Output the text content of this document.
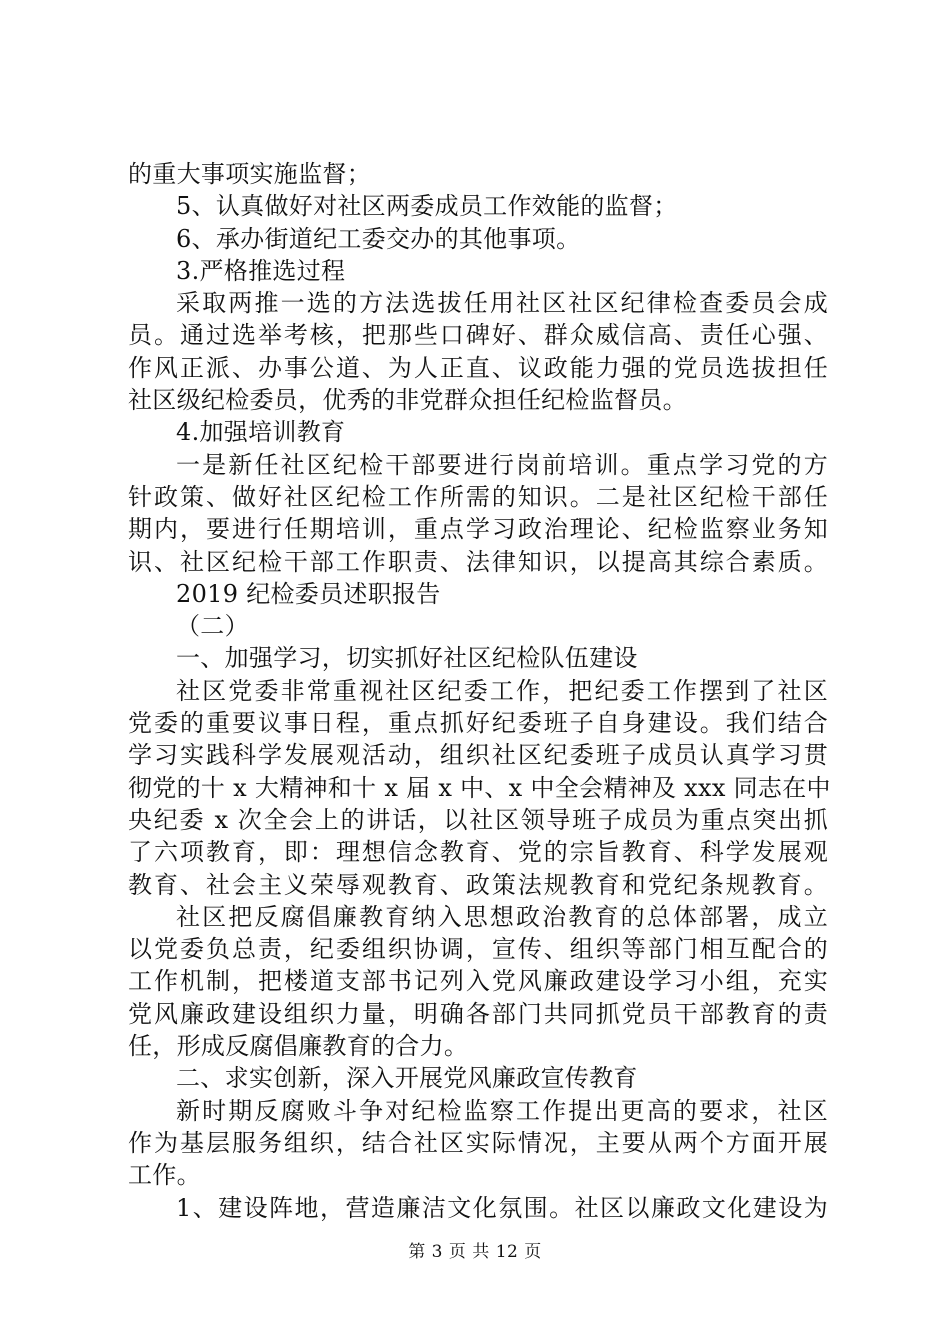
的重大事项实施监督；
5、认真做好对社区两委成员工作效能的监督；
6、承办街道纪工委交办的其他事项。
3.严格推选过程
采取两推一选的方法选拔任用社区社区纪律检查委员会成
员。通过选举考核，把那些口碑好、群众威信高、责任心强、
作风正派、办事公道、为人正直、议政能力强的党员选拔担任
社区级纪检委员，优秀的非党群众担任纪检监督员。
4.加强培训教育
一是新任社区纪检干部要进行岗前培训。重点学习党的方
针政策、做好社区纪检工作所需的知识。二是社区纪检干部任
期内，要进行任期培训，重点学习政治理论、纪检监察业务知
识、社区纪检干部工作职责、法律知识，以提高其综合素质。
2019 纪检委员述职报告
（二）
一、加强学习，切实抓好社区纪检队伍建设
社区党委非常重视社区纪委工作，把纪委工作摆到了社区
党委的重要议事日程，重点抓好纪委班子自身建设。我们结合
学习实践科学发展观活动，组织社区纪委班子成员认真学习贯
彻党的十 x 大精神和十 x 届 x 中、x 中全会精神及 xxx 同志在中
央纪委 x 次全会上的讲话，以社区领导班子成员为重点突出抓
了六项教育，即：理想信念教育、党的宗旨教育、科学发展观
教育、社会主义荣辱观教育、政策法规教育和党纪条规教育。
社区把反腐倡廉教育纳入思想政治教育的总体部署，成立
以党委负总责，纪委组织协调，宣传、组织等部门相互配合的
工作机制，把楼道支部书记列入党风廉政建设学习小组，充实
党风廉政建设组织力量，明确各部门共同抓党员干部教育的责
任，形成反腐倡廉教育的合力。
二、求实创新，深入开展党风廉政宣传教育
新时期反腐败斗争对纪检监察工作提出更高的要求，社区
作为基层服务组织，结合社区实际情况，主要从两个方面开展
工作。
1、建设阵地，营造廉洁文化氛围。社区以廉政文化建设为
第 3 页 共 12 页
